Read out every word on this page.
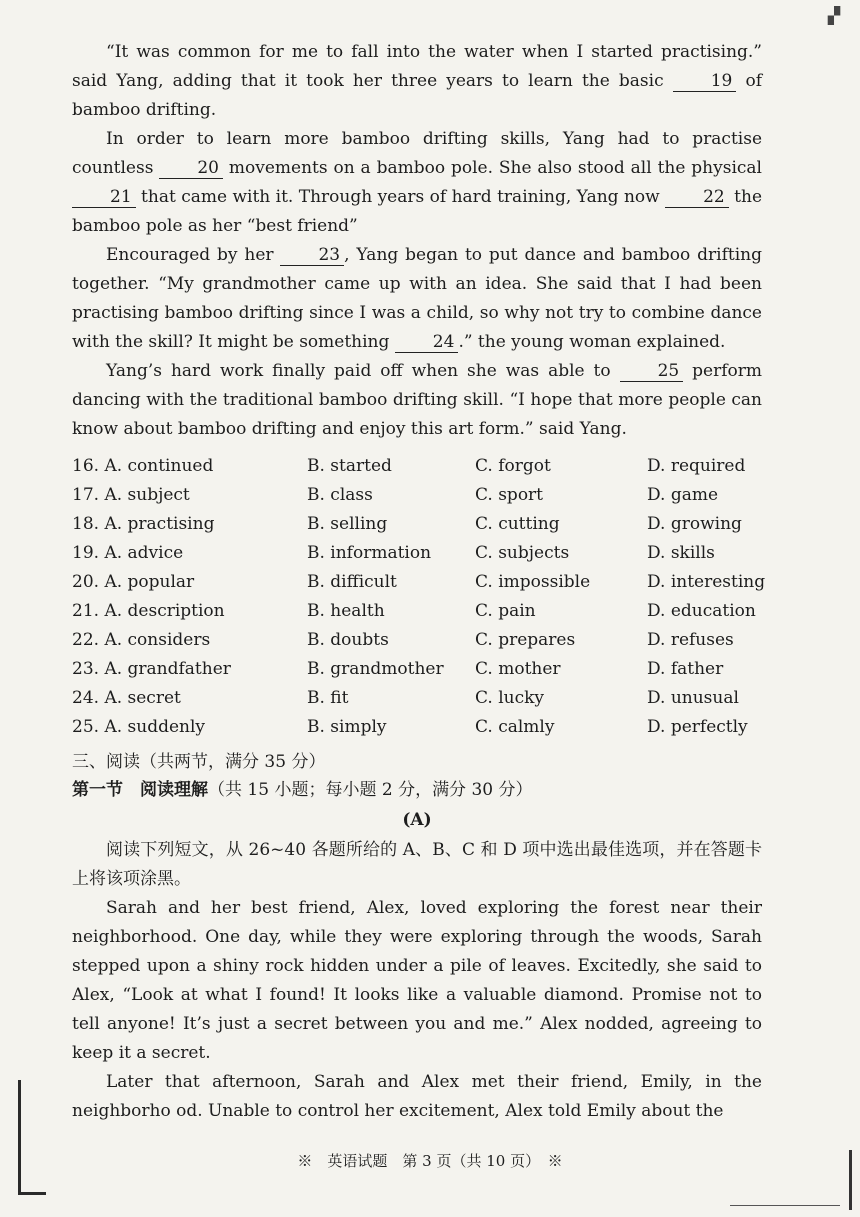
▞

“It was common for me to fall into the water when I started practising.” said Yang, adding that it took her three years to learn the basic 19 of bamboo drifting.

In order to learn more bamboo drifting skills, Yang had to practise countless 20 movements on a bamboo pole. She also stood all the physical 21 that came with it. Through years of hard training, Yang now 22 the bamboo pole as her “best friend”

Encouraged by her 23 , Yang began to put dance and bamboo drifting together. “My grandmother came up with an idea. She said that I had been practising bamboo drifting since I was a child, so why not try to combine dance with the skill? It might be something 24 .” the young woman explained.

Yang’s hard work finally paid off when she was able to 25 perform dancing with the traditional bamboo drifting skill. “I hope that more people can know about bamboo drifting and enjoy this art form.” said Yang.

16. A. continued	B. started	C. forgot	D. required
17. A. subject	B. class	C. sport	D. game
18. A. practising	B. selling	C. cutting	D. growing
19. A. advice	B. information	C. subjects	D. skills
20. A. popular	B. difficult	C. impossible	D. interesting
21. A. description	B. health	C. pain	D. education
22. A. considers	B. doubts	C. prepares	D. refuses
23. A. grandfather	B. grandmother	C. mother	D. father
24. A. secret	B. fit	C. lucky	D. unusual
25. A. suddenly	B. simply	C. calmly	D. perfectly
三、阅读（共两节，满分 35 分）
第一节　阅读理解（共 15 小题；每小题 2 分，满分 30 分）
(A)

阅读下列短文，从 26~40 各题所给的 A、B、C 和 D 项中选出最佳选项，并在答题卡上将该项涂黑。

Sarah and her best friend, Alex, loved exploring the forest near their neighborhood. One day, while they were exploring through the woods, Sarah stepped upon a shiny rock hidden under a pile of leaves. Excitedly, she said to Alex, “Look at what I found! It looks like a valuable diamond. Promise not to tell anyone! It’s just a secret between you and me.” Alex nodded, agreeing to keep it a secret.

Later that afternoon, Sarah and Alex met their friend, Emily, in the neighborho od. Unable to control her excitement, Alex told Emily about the

※　英语试题　第 3 页（共 10 页）　※
